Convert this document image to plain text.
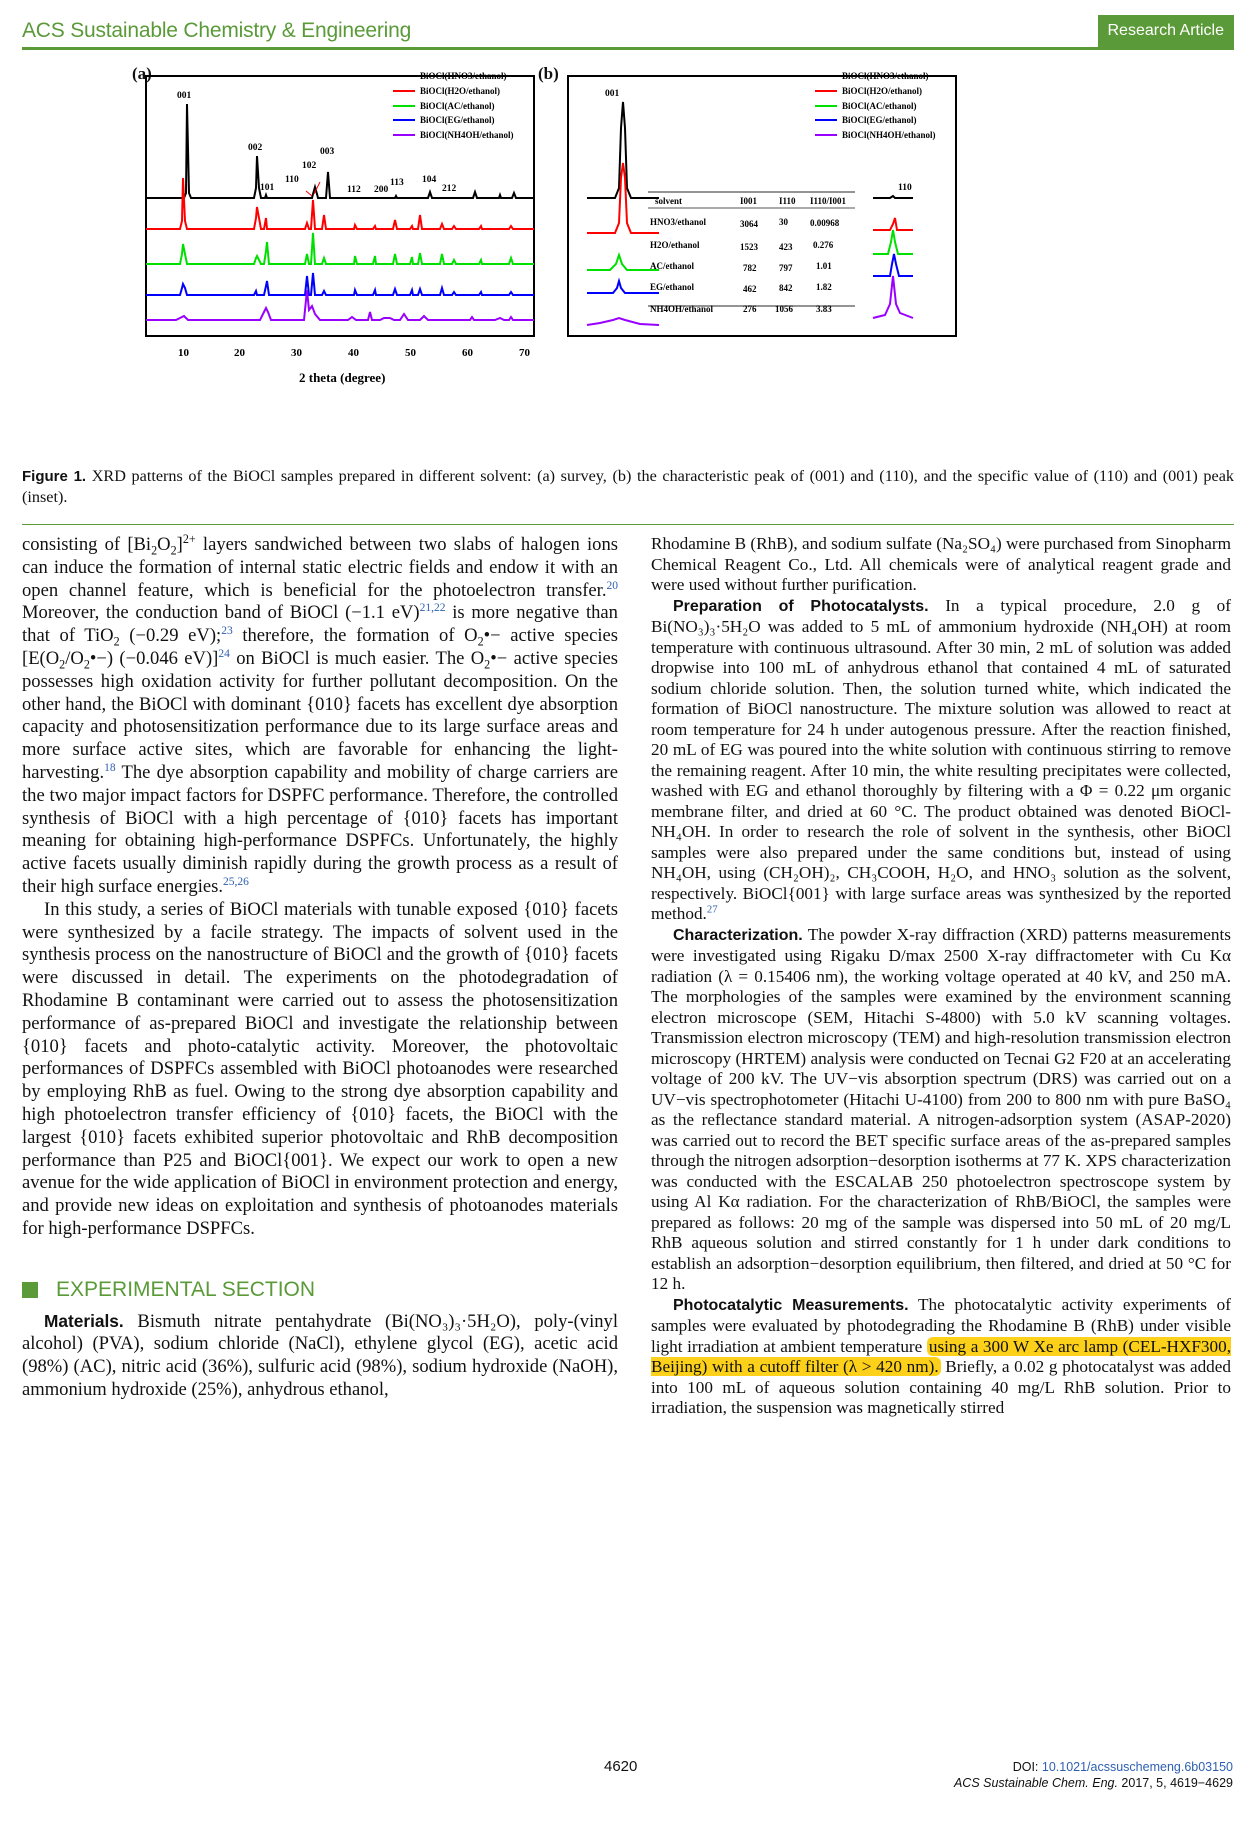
ACS Sustainable Chemistry & Engineering	Research Article
(a)	(b)
001
002
101
110
102
003
112 200
113 104
212
BiOCl(HNO3/ethanol)
BiOCl(H2O/ethanol)
BiOCl(AC/ethanol)
BiOCl(EG/ethanol)
BiOCl(NH4OH/ethanol)
10	20	30	40	50	60	70
2 theta (degree)
001
110
BiOCl(HNO3/ethanol)
BiOCl(H2O/ethanol)
BiOCl(AC/ethanol)
BiOCl(EG/ethanol)
BiOCl(NH4OH/ethanol)
solvent	I001 I110 I110/I001
HNO3/ethanol	3064 30 0.00968
H2O/ethanol	1523 423 0.276
AC/ethanol	782	797	1.01
EG/ethanol	462	842	1.82
NH4OH/ethanol	276 1056	3.83
Figure 1. XRD patterns of the BiOCl samples prepared in different solvent: (a) survey, (b) the characteristic peak of (001) and (110), and the specific value of (110) and (001) peak (inset).

consisting of $[Bi_2O_2]^{2+}$ layers sandwiched between two slabs of halogen ions can induce the formation of internal static electric fields and endow it with an open channel feature, which is beneficial for the photoelectron transfer.$^{20}$ Moreover, the conduction band of BiOCl (−1.1 eV)$^{21,22}$ is more negative than that of TiO$_2$ (−0.29 eV);$^{23}$ therefore, the formation of $O_2•-$ active species [$E(O_2/O_2•-)$ (−0.046 eV)]$^{24}$ on BiOCl is much easier. The $O_2•-$ active species possesses high oxidation activity for further pollutant decomposition. On the other hand, the BiOCl with dominant {010} facets has excellent dye absorption capacity and photosensitization performance due to its large surface areas and more surface active sites, which are favorable for enhancing the light-harvesting.$^{18}$ The dye absorption capability and mobility of charge carriers are the two major impact factors for DSPFC performance. Therefore, the controlled synthesis of BiOCl with a high percentage of {010} facets has important meaning for obtaining high-performance DSPFCs. Unfortunately, the highly active facets usually diminish rapidly during the growth process as a result of their high surface energies.$^{25,26}$

In this study, a series of BiOCl materials with tunable exposed {010} facets were synthesized by a facile strategy. The impacts of solvent used in the synthesis process on the nanostructure of BiOCl and the growth of {010} facets were discussed in detail. The experiments on the photodegradation of Rhodamine B contaminant were carried out to assess the photosensitization performance of as-prepared BiOCl and investigate the relationship between {010} facets and photo-catalytic activity. Moreover, the photovoltaic performances of DSPFCs assembled with BiOCl photoanodes were researched by employing RhB as fuel. Owing to the strong dye absorption capability and high photoelectron transfer efficiency of {010} facets, the BiOCl with the largest {010} facets exhibited superior photovoltaic and RhB decomposition performance than P25 and BiOCl{001}. We expect our work to open a new avenue for the wide application of BiOCl in environment protection and energy, and provide new ideas on exploitation and synthesis of photoanodes materials for high-performance DSPFCs.

EXPERIMENTAL SECTION

Materials. Bismuth nitrate pentahydrate (Bi(NO₃)₃·5H₂O), poly-(vinyl alcohol) (PVA), sodium chloride (NaCl), ethylene glycol (EG), acetic acid (98%) (AC), nitric acid (36%), sulfuric acid (98%), sodium hydroxide (NaOH), ammonium hydroxide (25%), anhydrous ethanol,

Rhodamine B (RhB), and sodium sulfate (Na₂SO₄) were purchased from Sinopharm Chemical Reagent Co., Ltd. All chemicals were of analytical reagent grade and were used without further purification.

Preparation of Photocatalysts. In a typical procedure, 2.0 g of Bi(NO₃)₃·5H₂O was added to 5 mL of ammonium hydroxide (NH₄OH) at room temperature with continuous ultrasound. After 30 min, 2 mL of solution was added dropwise into 100 mL of anhydrous ethanol that contained 4 mL of saturated sodium chloride solution. Then, the solution turned white, which indicated the formation of BiOCl nanostructure. The mixture solution was allowed to react at room temperature for 24 h under autogenous pressure. After the reaction finished, 20 mL of EG was poured into the white solution with continuous stirring to remove the remaining reagent. After 10 min, the white resulting precipitates were collected, washed with EG and ethanol thoroughly by filtering with a Φ = 0.22 μm organic membrane filter, and dried at 60 °C. The product obtained was denoted BiOCl-NH₄OH. In order to research the role of solvent in the synthesis, other BiOCl samples were also prepared under the same conditions but, instead of using NH₄OH, using (CH₂OH)₂, CH₃COOH, H₂O, and HNO₃ solution as the solvent, respectively. BiOCl{001} with large surface areas was synthesized by the reported method.$^{27}$

Characterization. The powder X-ray diffraction (XRD) patterns measurements were investigated using Rigaku D/max 2500 X-ray diffractometer with Cu Kα radiation (λ = 0.15406 nm), the working voltage operated at 40 kV, and 250 mA. The morphologies of the samples were examined by the environment scanning electron microscope (SEM, Hitachi S-4800) with 5.0 kV scanning voltages. Transmission electron microscopy (TEM) and high-resolution transmission electron microscopy (HRTEM) analysis were conducted on Tecnai G2 F20 at an accelerating voltage of 200 kV. The UV−vis absorption spectrum (DRS) was carried out on a UV−vis spectrophotometer (Hitachi U-4100) from 200 to 800 nm with pure BaSO₄ as the reflectance standard material. A nitrogen-adsorption system (ASAP-2020) was carried out to record the BET specific surface areas of the as-prepared samples through the nitrogen adsorption−desorption isotherms at 77 K. XPS characterization was conducted with the ESCALAB 250 photoelectron spectroscope system by using Al Kα radiation. For the characterization of RhB/BiOCl, the samples were prepared as follows: 20 mg of the sample was dispersed into 50 mL of 20 mg/L RhB aqueous solution and stirred constantly for 1 h under dark conditions to establish an adsorption−desorption equilibrium, then filtered, and dried at 50 °C for 12 h.

Photocatalytic Measurements. The photocatalytic activity experiments of samples were evaluated by photodegrading the Rhodamine B (RhB) under visible light irradiation at ambient temperature using a 300 W Xe arc lamp (CEL-HXF300, Beijing) with a cutoff filter (λ > 420 nm). Briefly, a 0.02 g photocatalyst was added into 100 mL of aqueous solution containing 40 mg/L RhB solution. Prior to irradiation, the suspension was magnetically stirred

4620	DOI: 10.1021/acssuschemeng.6b03150
ACS Sustainable Chem. Eng. 2017, 5, 4619−4629
